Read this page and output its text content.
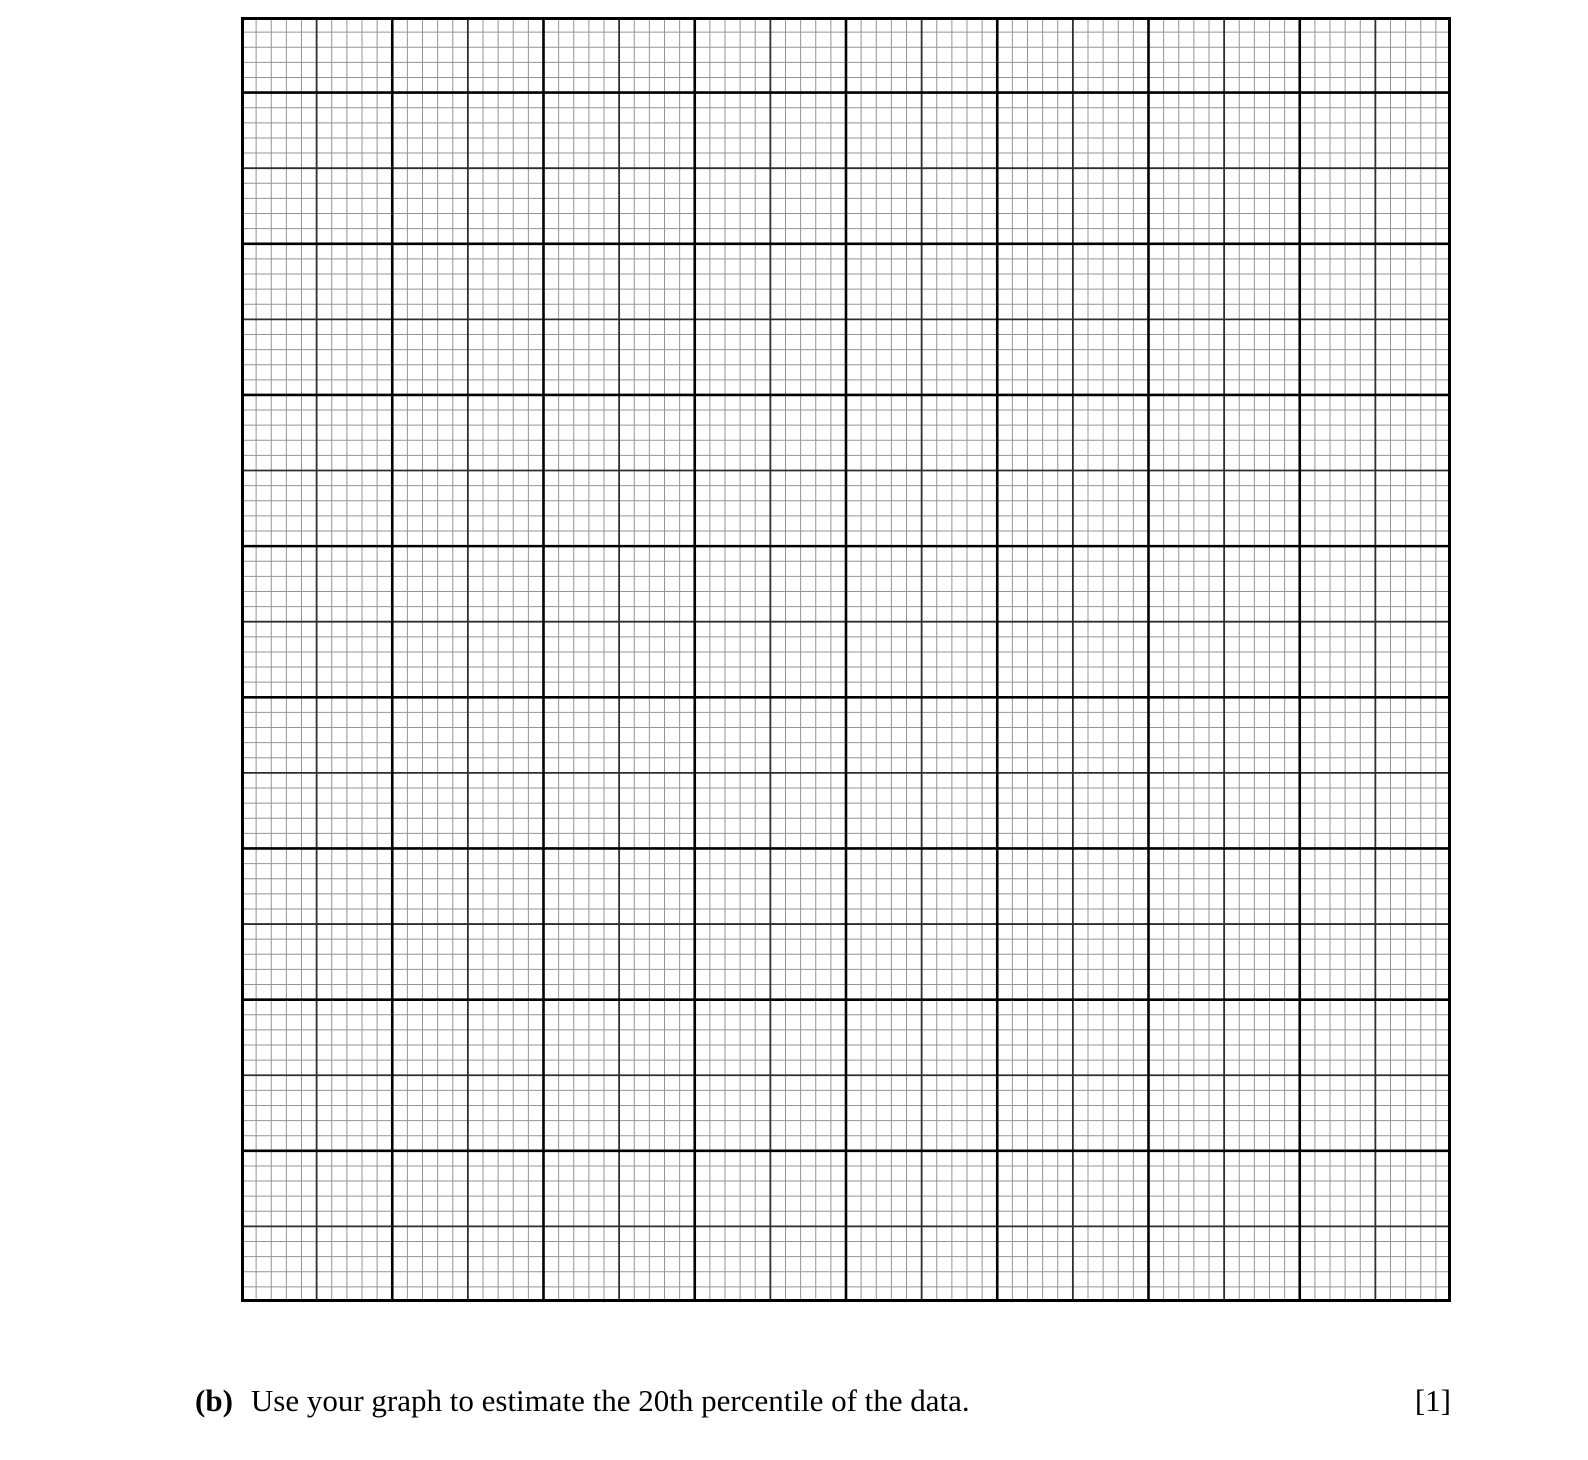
(b) Use your graph to estimate the 20th percentile of the data.	[1]
